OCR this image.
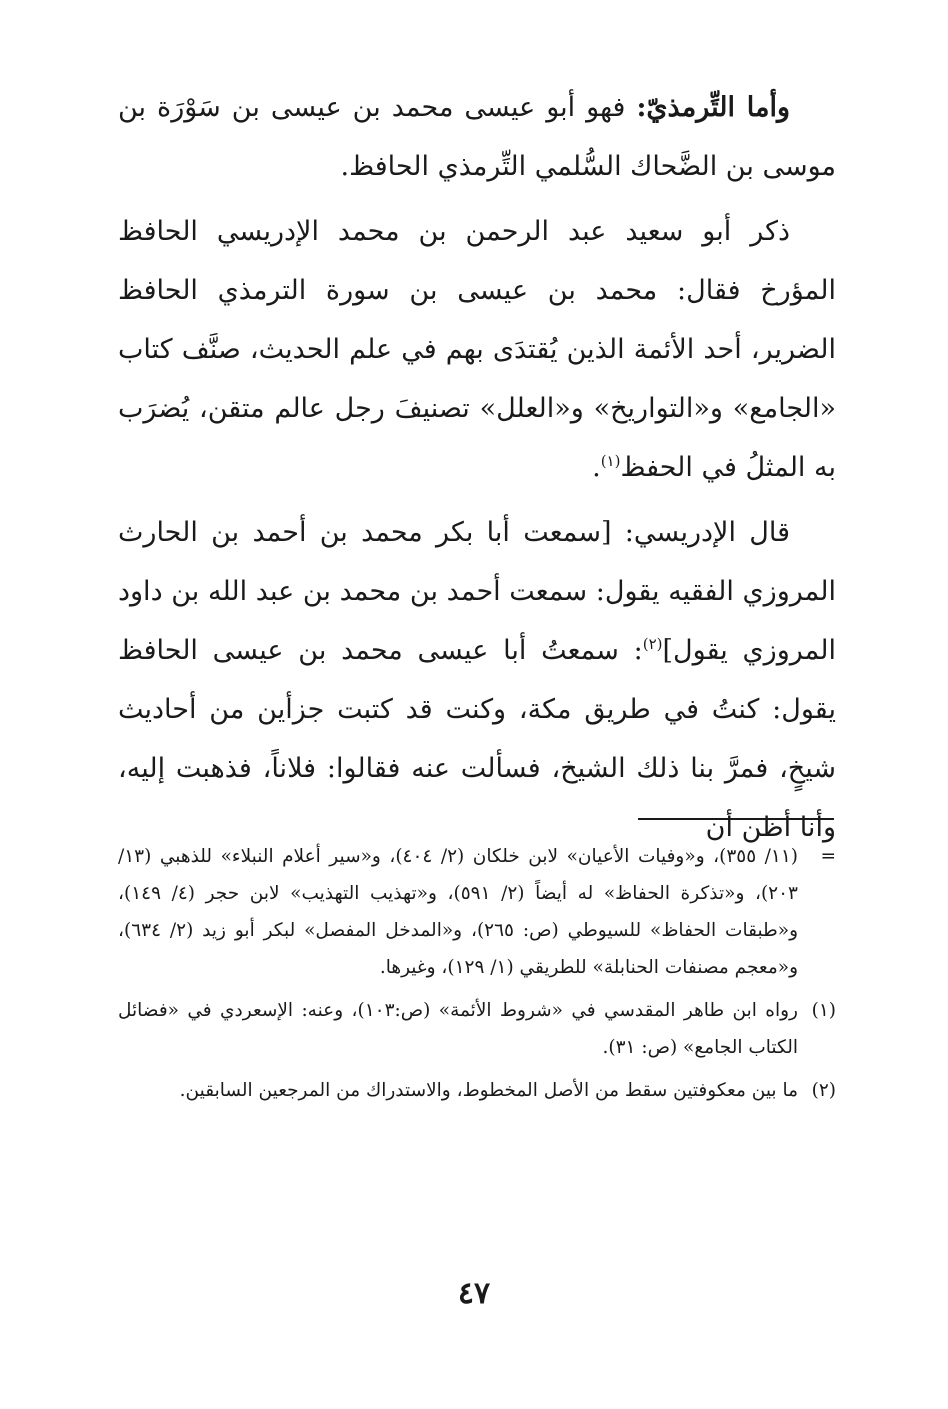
وأما التِّرمذيّ: فهو أبو عيسى محمد بن عيسى بن سَوْرَة بن موسى بن الضَّحاك السُّلمي التِّرمذي الحافظ.

ذكر أبو سعيد عبد الرحمن بن محمد الإدريسي الحافظ المؤرخ فقال: محمد بن عيسى بن سورة الترمذي الحافظ الضرير، أحد الأئمة الذين يُقتدَى بهم في علم الحديث، صنَّف كتاب «الجامع» و«التواريخ» و«العلل» تصنيفَ رجل عالم متقن، يُضرَب به المثلُ في الحفظ$^{(١)}$.

قال الإدريسي: [سمعت أبا بكر محمد بن أحمد بن الحارث المروزي الفقيه يقول: سمعت أحمد بن محمد بن عبد الله بن داود المروزي يقول]$^{(٢)}$: سمعتُ أبا عيسى محمد بن عيسى الحافظ يقول: كنتُ في طريق مكة، وكنت قد كتبت جزأين من أحاديث شيخٍ، فمرَّ بنا ذلك الشيخ، فسألت عنه فقالوا: فلاناً، فذهبت إليه، وأنا أظن أن

=
(١١/ ٣٥٥)، و«وفيات الأعيان» لابن خلكان (٢/ ٤٠٤)، و«سير أعلام النبلاء» للذهبي (١٣/ ٢٠٣)، و«تذكرة الحفاظ» له أيضاً (٢/ ٥٩١)، و«تهذيب التهذيب» لابن حجر (٤/ ١٤٩)، و«طبقات الحفاظ» للسيوطي (ص: ٢٦٥)، و«المدخل المفصل» لبكر أبو زيد (٢/ ٦٣٤)، و«معجم مصنفات الحنابلة» للطريقي (١/ ١٢٩)، وغيرها.
(١)
رواه ابن طاهر المقدسي في «شروط الأئمة» (ص:١٠٣)، وعنه: الإسعردي في «فضائل الكتاب الجامع» (ص: ٣١).
(٢)
ما بين معكوفتين سقط من الأصل المخطوط، والاستدراك من المرجعين السابقين.
٤٧
